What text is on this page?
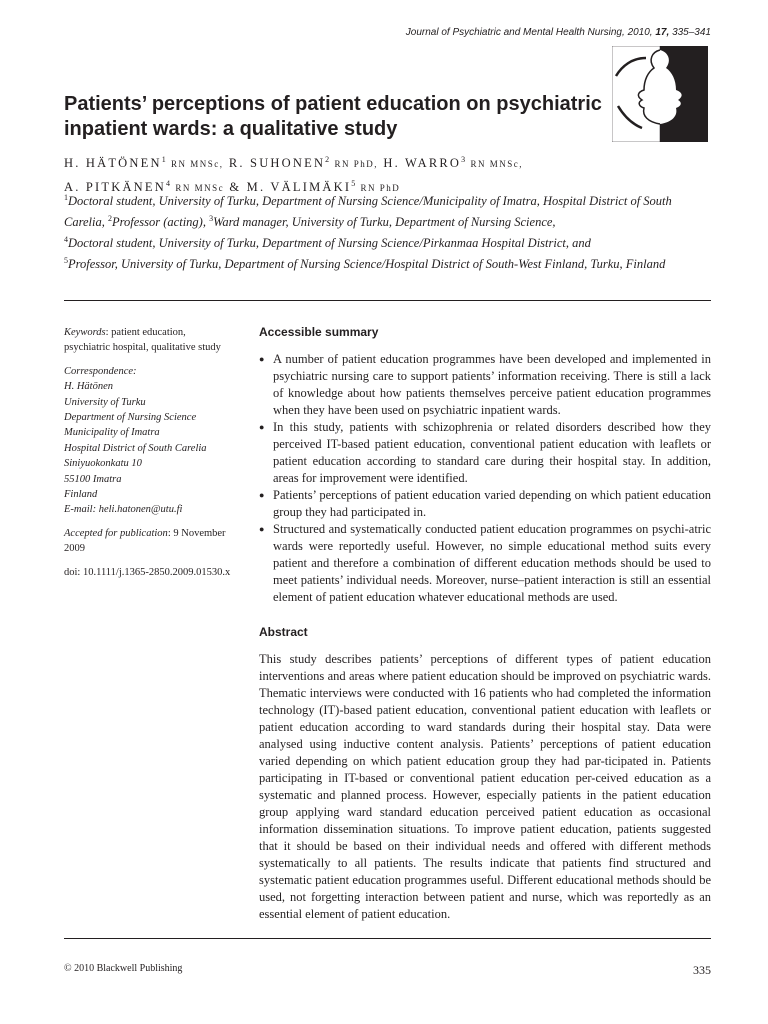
Journal of Psychiatric and Mental Health Nursing, 2010, 17, 335–341
Patients’ perceptions of patient education on psychiatric inpatient wards: a qualitative study
H. HÄTÖNEN$^1$ RN MNSc, R. SUHONEN$^2$ RN PhD, H. WARRO$^3$ RN MNSc,
A. PITKÄNEN$^4$ RN MNSc & M. VÄLIMÄKI$^5$ RN PhD
$^1$Doctoral student, University of Turku, Department of Nursing Science/Municipality of Imatra, Hospital District of South Carelia, $^2$Professor (acting), $^3$Ward manager, University of Turku, Department of Nursing Science,
$^4$Doctoral student, University of Turku, Department of Nursing Science/Pirkanmaa Hospital District, and
$^5$Professor, University of Turku, Department of Nursing Science/Hospital District of South-West Finland, Turku, Finland

Keywords: patient education, psychiatric hospital, qualitative study

Correspondence:
H. Hätönen
University of Turku
Department of Nursing Science
Municipality of Imatra
Hospital District of South Carelia
Siniyuokonkatu 10
55100 Imatra
Finland
E-mail: heli.hatonen@utu.fi

Accepted for publication: 9 November 2009

doi: 10.1111/j.1365-2850.2009.01530.x

Accessible summary
● A number of patient education programmes have been developed and implemented in psychiatric nursing care to support patients’ information receiving. There is still a lack of knowledge about how patients themselves perceive patient education programmes when they have been used on psychiatric inpatient wards.
● In this study, patients with schizophrenia or related disorders described how they perceived IT-based patient education, conventional patient education with leaflets or patient education according to standard care during their hospital stay. In addition, areas for improvement were identified.
● Patients’ perceptions of patient education varied depending on which patient education group they had participated in.
● Structured and systematically conducted patient education programmes on psychi-atric wards were reportedly useful. However, no simple educational method suits every patient and therefore a combination of different education methods should be used to meet patients’ individual needs. Moreover, nurse–patient interaction is still an essential element of patient education whatever educational methods are used.
Abstract

This study describes patients’ perceptions of different types of patient education interventions and areas where patient education should be improved on psychiatric wards. Thematic interviews were conducted with 16 patients who had completed the information technology (IT)-based patient education, conventional patient education with leaflets or patient education according to ward standards during their hospital stay. Data were analysed using inductive content analysis. Patients’ perceptions of patient education varied depending on which patient education group they had par-ticipated in. Patients participating in IT-based or conventional patient education per-ceived education as a systematic and planned process. However, especially patients in the patient education group applying ward standard education perceived patient education as occasional information dissemination situations. To improve patient education, patients suggested that it should be based on their individual needs and offered with different methods systematically to all patients. The results indicate that patients find structured and systematic patient education programmes useful. Different educational methods should be used, not forgetting interaction between patient and nurse, which was reportedly as an essential element of patient education.

© 2010 Blackwell Publishing	335
